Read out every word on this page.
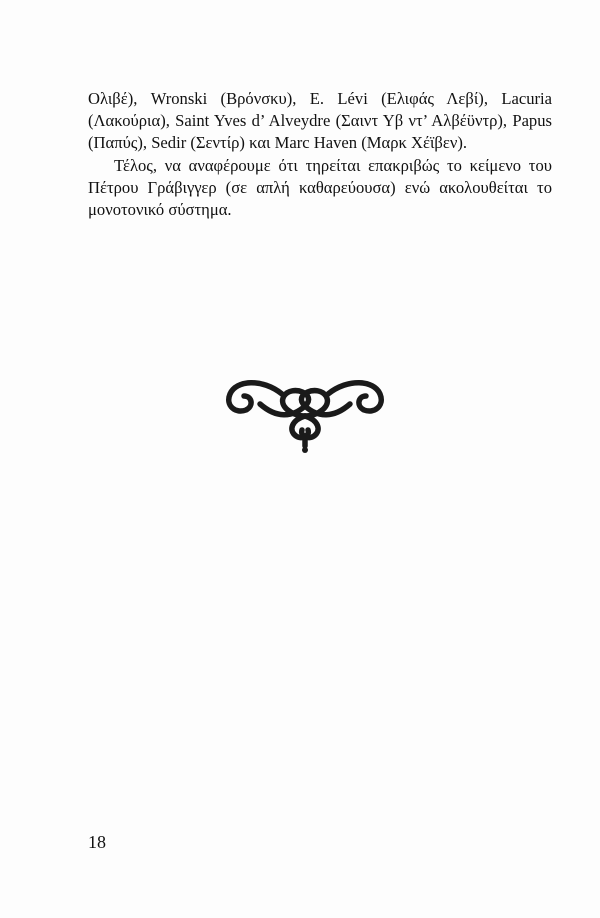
Ολιβέ), Wronski (Βρόνσκυ), E. Lévi (Ελιφάς Λεβί), Lacuria (Λακούρια), Saint Yves d’ Alveydre (Σαιντ Υβ ντ’ Αλβέϋντρ), Papus (Παπύς), Sedir (Σεντίρ) και Marc Haven (Μαρκ Χέϊβεν).

Τέλος, να αναφέρουμε ότι τηρείται επακριβώς το κείμενο του Πέτρου Γράβιγγερ (σε απλή καθαρεύουσα) ενώ ακολουθείται το μονοτονικό σύστημα.

18
